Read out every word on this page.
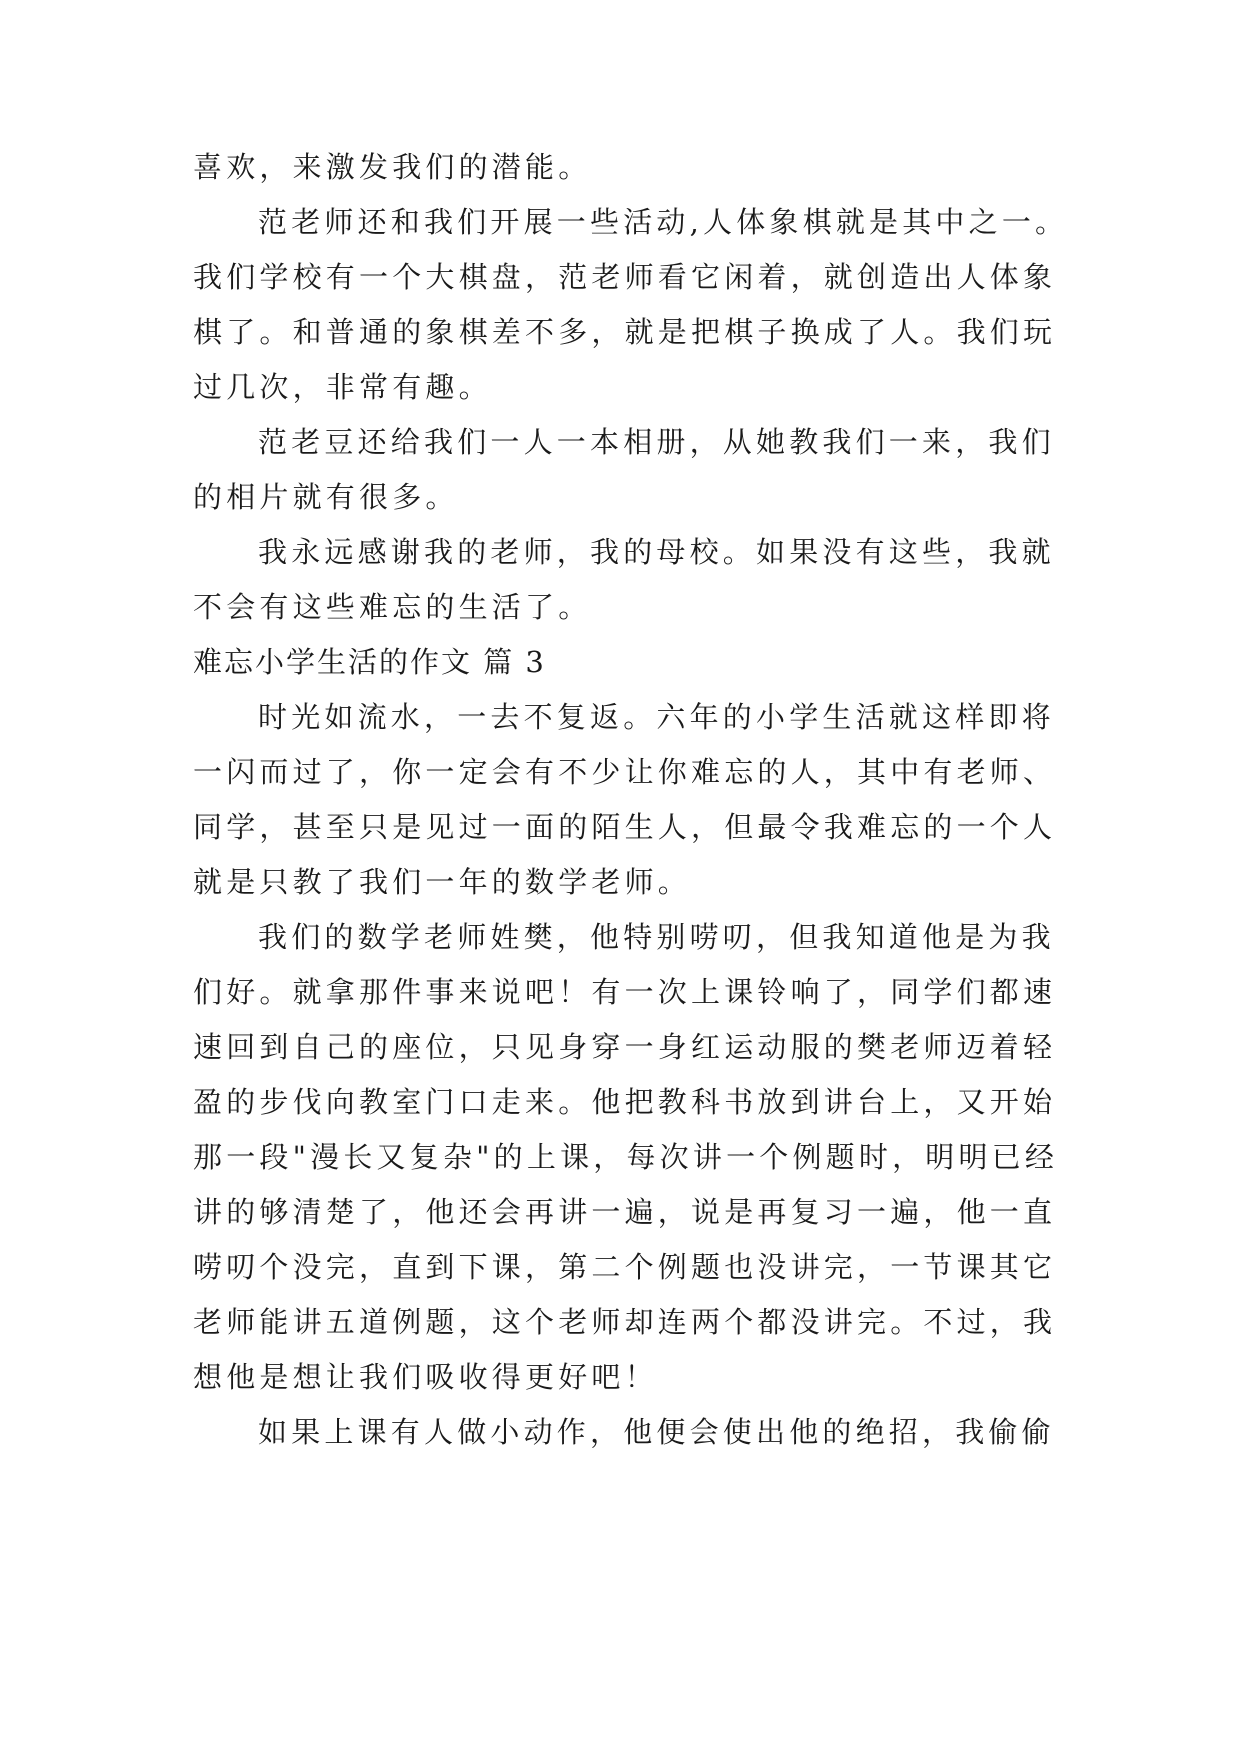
喜欢，来激发我们的潜能。
范老师还和我们开展一些活动,人体象棋就是其中之一。
我们学校有一个大棋盘，范老师看它闲着，就创造出人体象
棋了。和普通的象棋差不多，就是把棋子换成了人。我们玩
过几次，非常有趣。
范老豆还给我们一人一本相册，从她教我们一来，我们
的相片就有很多。
我永远感谢我的老师，我的母校。如果没有这些，我就
不会有这些难忘的生活了。
难忘小学生活的作文 篇 3
时光如流水，一去不复返。六年的小学生活就这样即将
一闪而过了，你一定会有不少让你难忘的人，其中有老师、
同学，甚至只是见过一面的陌生人，但最令我难忘的一个人
就是只教了我们一年的数学老师。
我们的数学老师姓樊，他特别唠叨，但我知道他是为我
们好。就拿那件事来说吧！有一次上课铃响了，同学们都速
速回到自己的座位，只见身穿一身红运动服的樊老师迈着轻
盈的步伐向教室门口走来。他把教科书放到讲台上，又开始
那一段"漫长又复杂"的上课，每次讲一个例题时，明明已经
讲的够清楚了，他还会再讲一遍，说是再复习一遍，他一直
唠叨个没完，直到下课，第二个例题也没讲完，一节课其它
老师能讲五道例题，这个老师却连两个都没讲完。不过，我
想他是想让我们吸收得更好吧！
如果上课有人做小动作，他便会使出他的绝招，我偷偷
